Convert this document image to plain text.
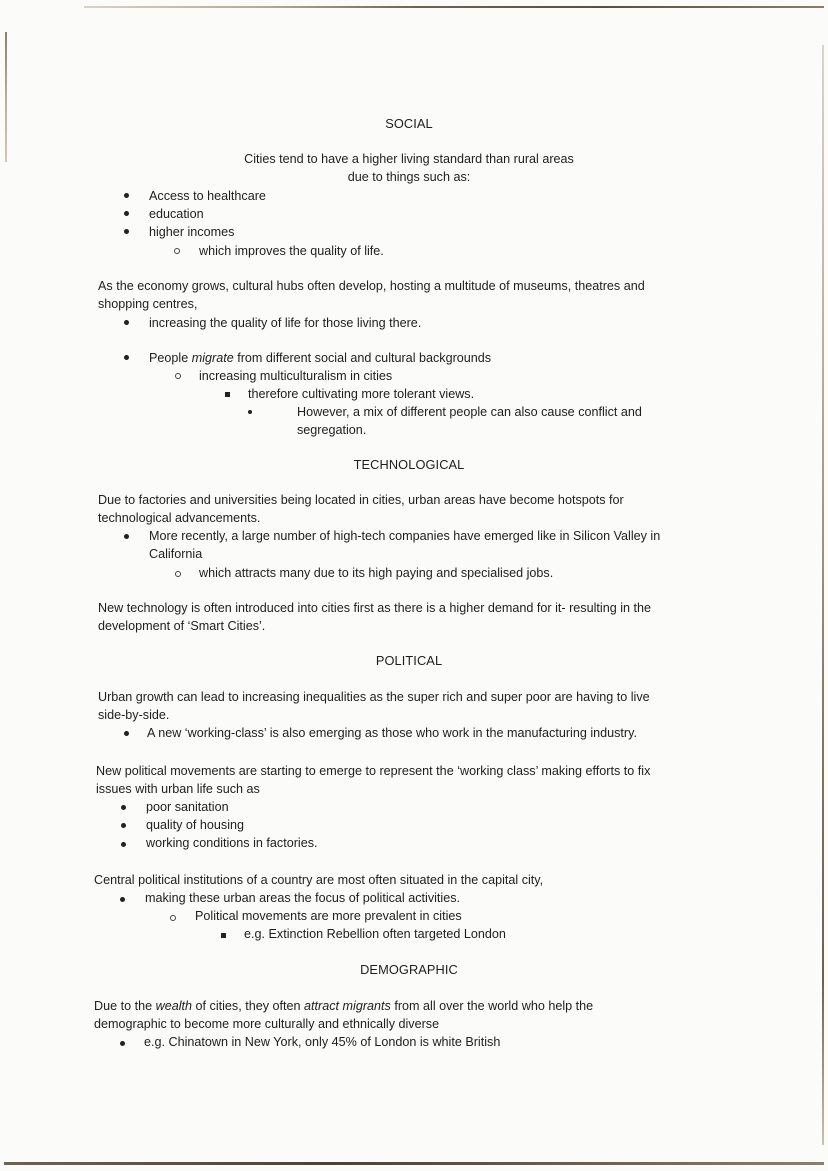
SOCIAL
Cities tend to have a higher living standard than rural areas
due to things such as:
Access to healthcare
education
higher incomes
which improves the quality of life.
As the economy grows, cultural hubs often develop, hosting a multitude of museums, theatres and
shopping centres,
increasing the quality of life for those living there.
People migrate from different social and cultural backgrounds
increasing multiculturalism in cities
therefore cultivating more tolerant views.
However, a mix of different people can also cause conflict and
segregation.
TECHNOLOGICAL
Due to factories and universities being located in cities, urban areas have become hotspots for
technological advancements.
More recently, a large number of high-tech companies have emerged like in Silicon Valley in
California
which attracts many due to its high paying and specialised jobs.
New technology is often introduced into cities first as there is a higher demand for it- resulting in the
development of ‘Smart Cities’.
POLITICAL
Urban growth can lead to increasing inequalities as the super rich and super poor are having to live
side-by-side.
A new ‘working-class’ is also emerging as those who work in the manufacturing industry.
New political movements are starting to emerge to represent the ‘working class’ making efforts to fix
issues with urban life such as
poor sanitation
quality of housing
working conditions in factories.
Central political institutions of a country are most often situated in the capital city,
making these urban areas the focus of political activities.
Political movements are more prevalent in cities
e.g. Extinction Rebellion often targeted London
DEMOGRAPHIC
Due to the wealth of cities, they often attract migrants from all over the world who help the
demographic to become more culturally and ethnically diverse
e.g. Chinatown in New York, only 45% of London is white British
